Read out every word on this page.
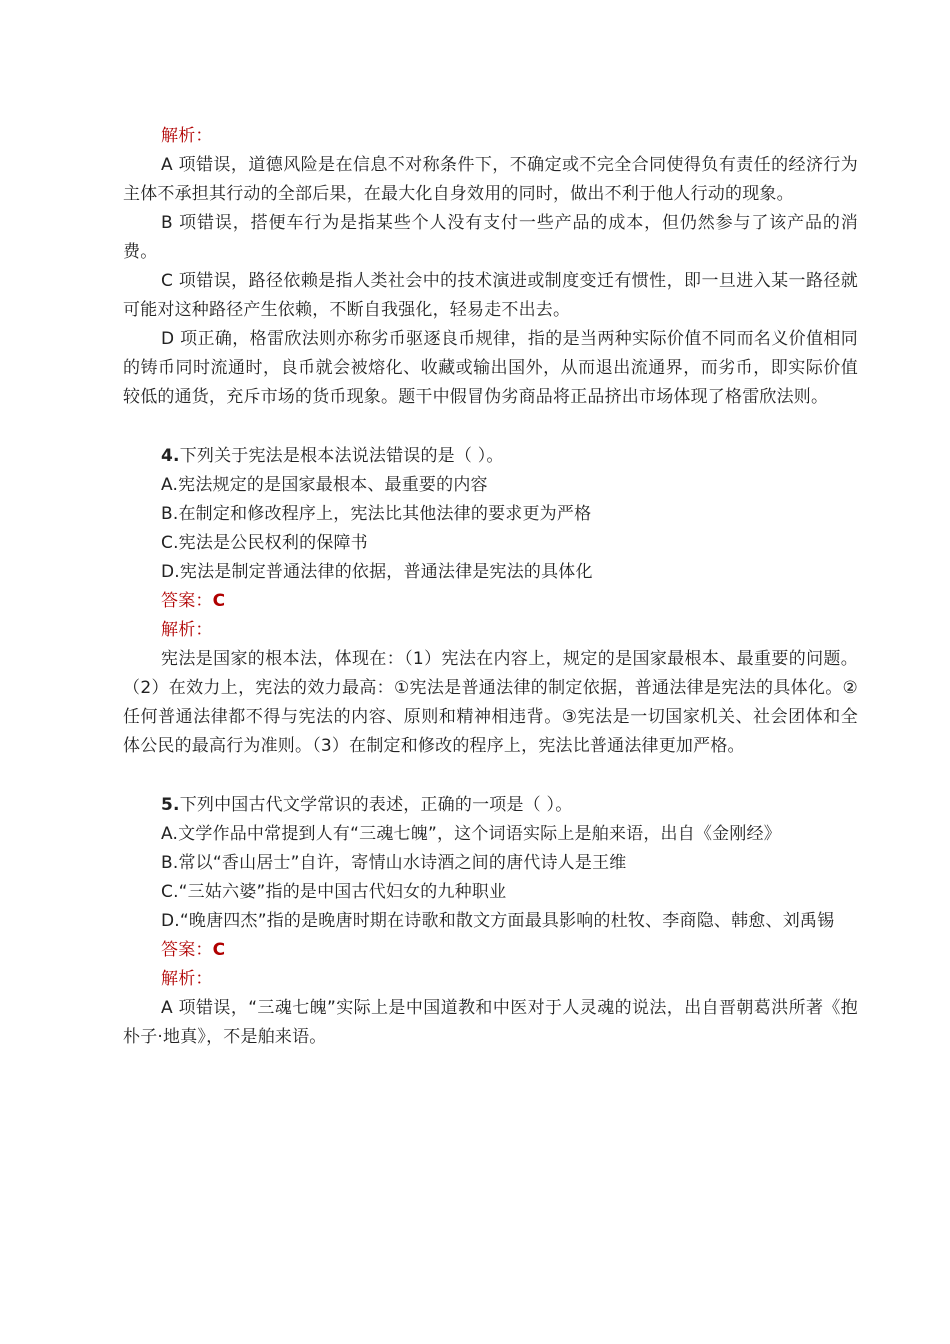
解析：

A 项错误，道德风险是在信息不对称条件下，不确定或不完全合同使得负有责任的经济行为主体不承担其行动的全部后果，在最大化自身效用的同时，做出不利于他人行动的现象。

B 项错误，搭便车行为是指某些个人没有支付一些产品的成本，但仍然参与了该产品的消费。

C 项错误，路径依赖是指人类社会中的技术演进或制度变迁有惯性，即一旦进入某一路径就可能对这种路径产生依赖，不断自我强化，轻易走不出去。

D 项正确，格雷欣法则亦称劣币驱逐良币规律，指的是当两种实际价值不同而名义价值相同的铸币同时流通时，良币就会被熔化、收藏或输出国外，从而退出流通界，而劣币，即实际价值较低的通货，充斥市场的货币现象。题干中假冒伪劣商品将正品挤出市场体现了格雷欣法则。

4.下列关于宪法是根本法说法错误的是（ ）。

A.宪法规定的是国家最根本、最重要的内容

B.在制定和修改程序上，宪法比其他法律的要求更为严格

C.宪法是公民权利的保障书

D.宪法是制定普通法律的依据，普通法律是宪法的具体化

答案：C

解析：

宪法是国家的根本法，体现在：（1）宪法在内容上，规定的是国家最根本、最重要的问题。（2）在效力上，宪法的效力最高：①宪法是普通法律的制定依据，普通法律是宪法的具体化。②任何普通法律都不得与宪法的内容、原则和精神相违背。③宪法是一切国家机关、社会团体和全体公民的最高行为准则。（3）在制定和修改的程序上，宪法比普通法律更加严格。

5.下列中国古代文学常识的表述，正确的一项是（ ）。

A.文学作品中常提到人有“三魂七魄”，这个词语实际上是舶来语，出自《金刚经》

B.常以“香山居士”自许，寄情山水诗酒之间的唐代诗人是王维

C.“三姑六婆”指的是中国古代妇女的九种职业

D.“晚唐四杰”指的是晚唐时期在诗歌和散文方面最具影响的杜牧、李商隐、韩愈、刘禹锡

答案：C

解析：

A 项错误，“三魂七魄”实际上是中国道教和中医对于人灵魂的说法，出自晋朝葛洪所著《抱朴子·地真》，不是舶来语。
